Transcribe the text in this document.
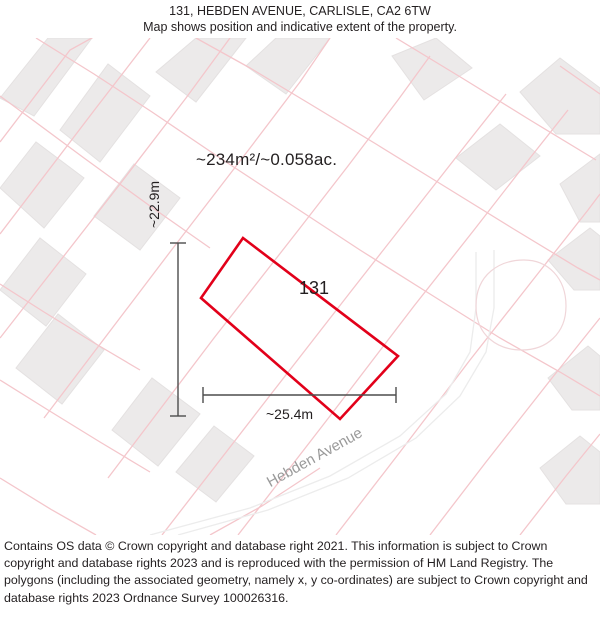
131, HEBDEN AVENUE, CARLISLE, CA2 6TW
Map shows position and indicative extent of the property.
~234m²/~0.058ac.
131
~25.4m
~22.9m
Hebden Avenue

Contains OS data © Crown copyright and database right 2021. This information is subject to Crown copyright and database rights 2023 and is reproduced with the permission of HM Land Registry. The polygons (including the associated geometry, namely x, y co-ordinates) are subject to Crown copyright and database rights 2023 Ordnance Survey 100026316.
